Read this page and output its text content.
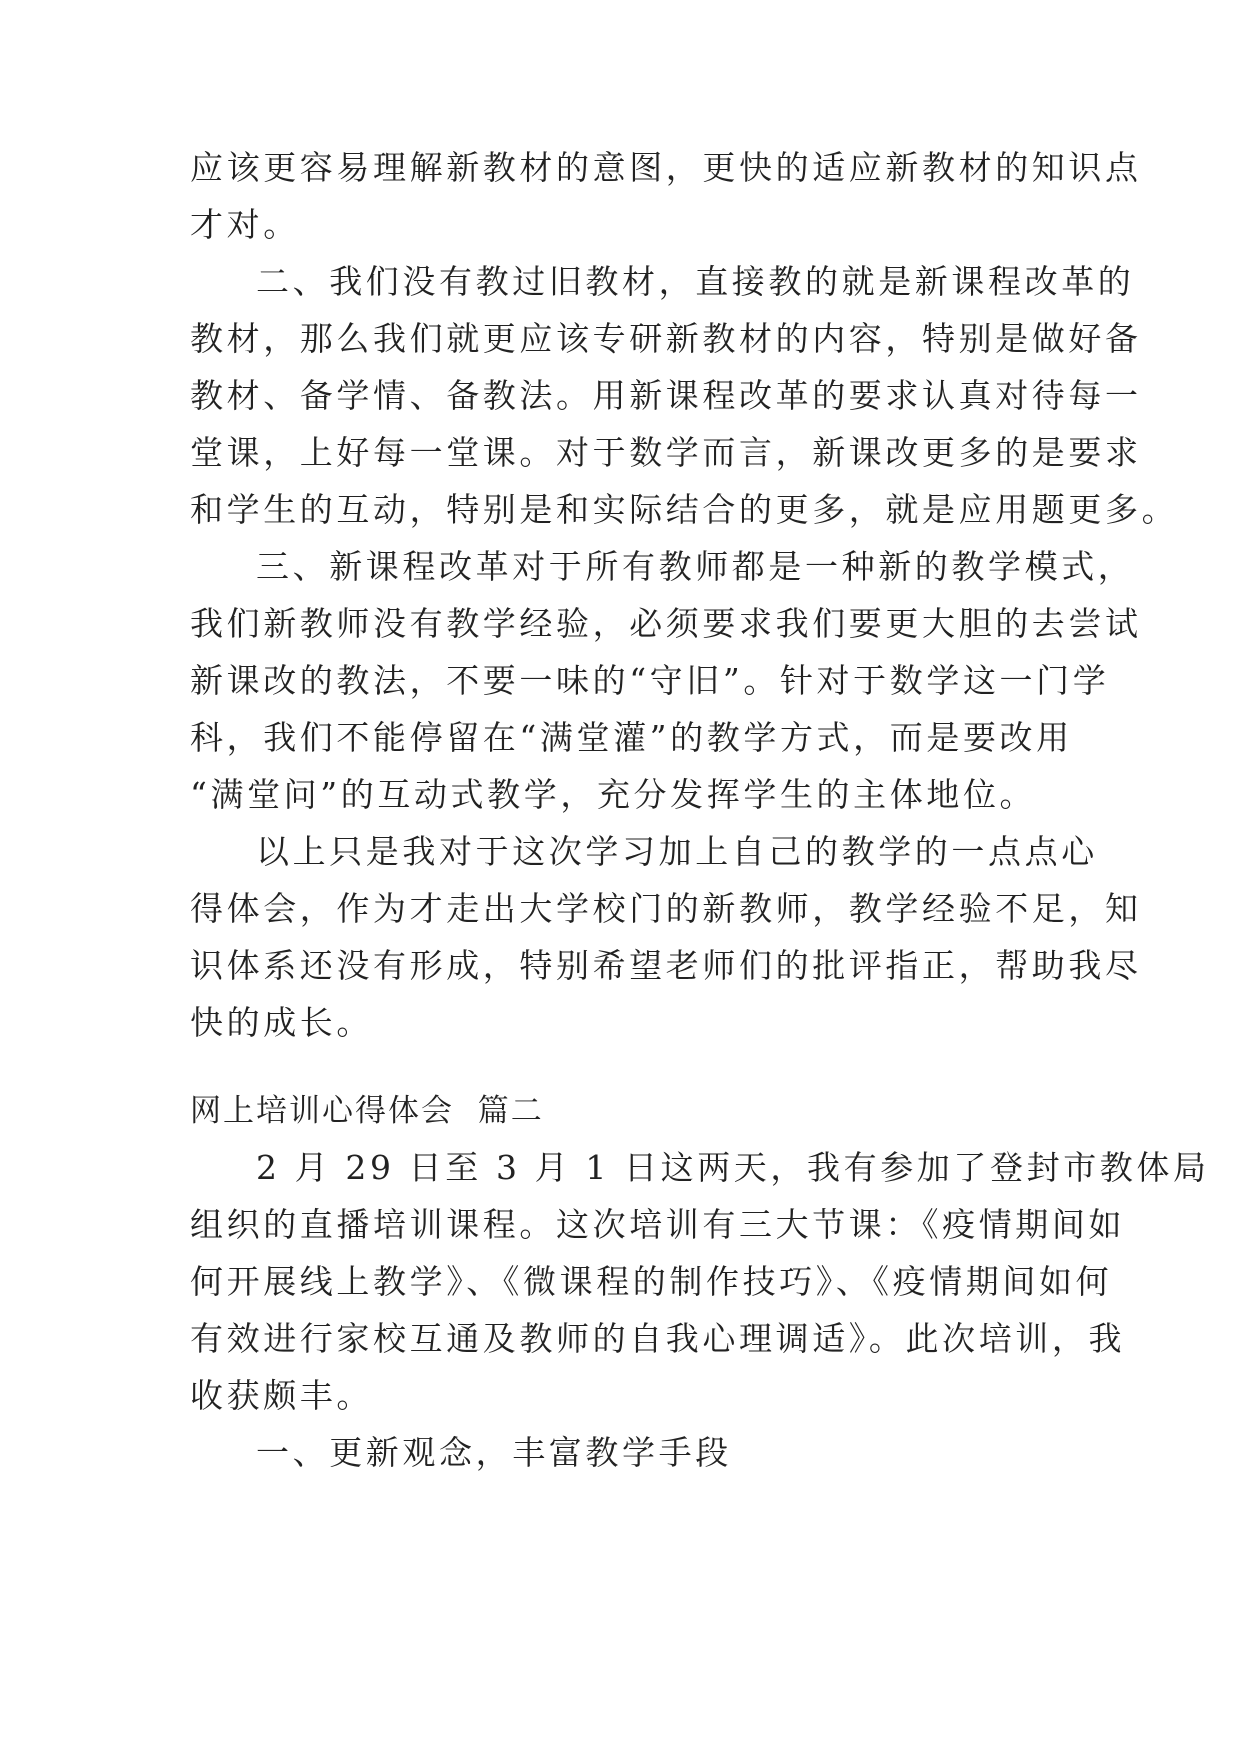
应该更容易理解新教材的意图，更快的适应新教材的知识点
才对。
二、我们没有教过旧教材，直接教的就是新课程改革的
教材，那么我们就更应该专研新教材的内容，特别是做好备
教材、备学情、备教法。用新课程改革的要求认真对待每一
堂课，上好每一堂课。对于数学而言，新课改更多的是要求
和学生的互动，特别是和实际结合的更多，就是应用题更多。
三、新课程改革对于所有教师都是一种新的教学模式，
我们新教师没有教学经验，必须要求我们要更大胆的去尝试
新课改的教法，不要一味的“守旧”。针对于数学这一门学
科，我们不能停留在“满堂灌”的教学方式，而是要改用
“满堂问”的互动式教学，充分发挥学生的主体地位。
以上只是我对于这次学习加上自己的教学的一点点心
得体会，作为才走出大学校门的新教师，教学经验不足，知
识体系还没有形成，特别希望老师们的批评指正，帮助我尽
快的成长。
网上培训心得体会  篇二
2 月 29 日至 3 月 1 日这两天，我有参加了登封市教体局
组织的直播培训课程。这次培训有三大节课：《疫情期间如
何开展线上教学》、《微课程的制作技巧》、《疫情期间如何
有效进行家校互通及教师的自我心理调适》。此次培训，我
收获颇丰。
一、更新观念，丰富教学手段
